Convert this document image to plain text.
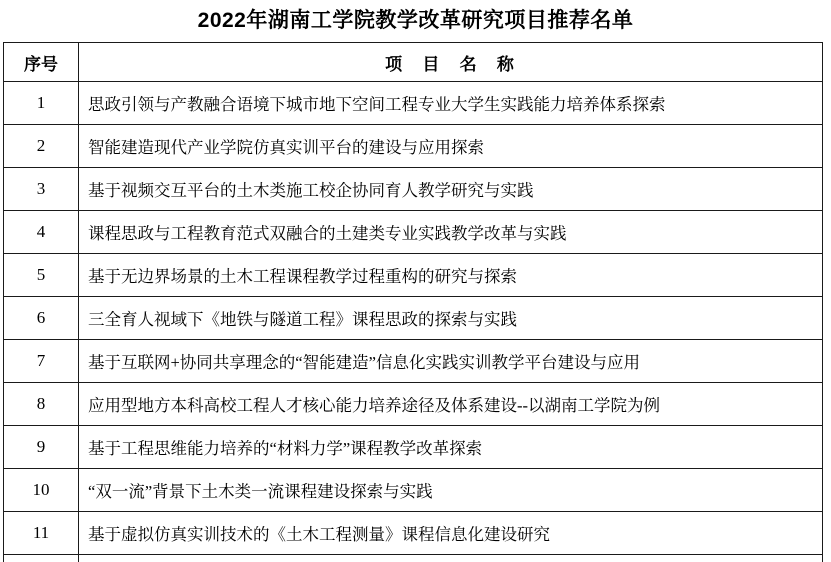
2022年湖南工学院教学改革研究项目推荐名单
序号	项 目 名 称
1	思政引领与产教融合语境下城市地下空间工程专业大学生实践能力培养体系探索
2	智能建造现代产业学院仿真实训平台的建设与应用探索
3	基于视频交互平台的土木类施工校企协同育人教学研究与实践
4	课程思政与工程教育范式双融合的土建类专业实践教学改革与实践
5	基于无边界场景的土木工程课程教学过程重构的研究与探索
6	三全育人视域下《地铁与隧道工程》课程思政的探索与实践
7	基于互联网+协同共享理念的“智能建造”信息化实践实训教学平台建设与应用
8	应用型地方本科高校工程人才核心能力培养途径及体系建设--以湖南工学院为例
9	基于工程思维能力培养的“材料力学”课程教学改革探索
10	“双一流”背景下土木类一流课程建设探索与实践
11	基于虚拟仿真实训技术的《土木工程测量》课程信息化建设研究
